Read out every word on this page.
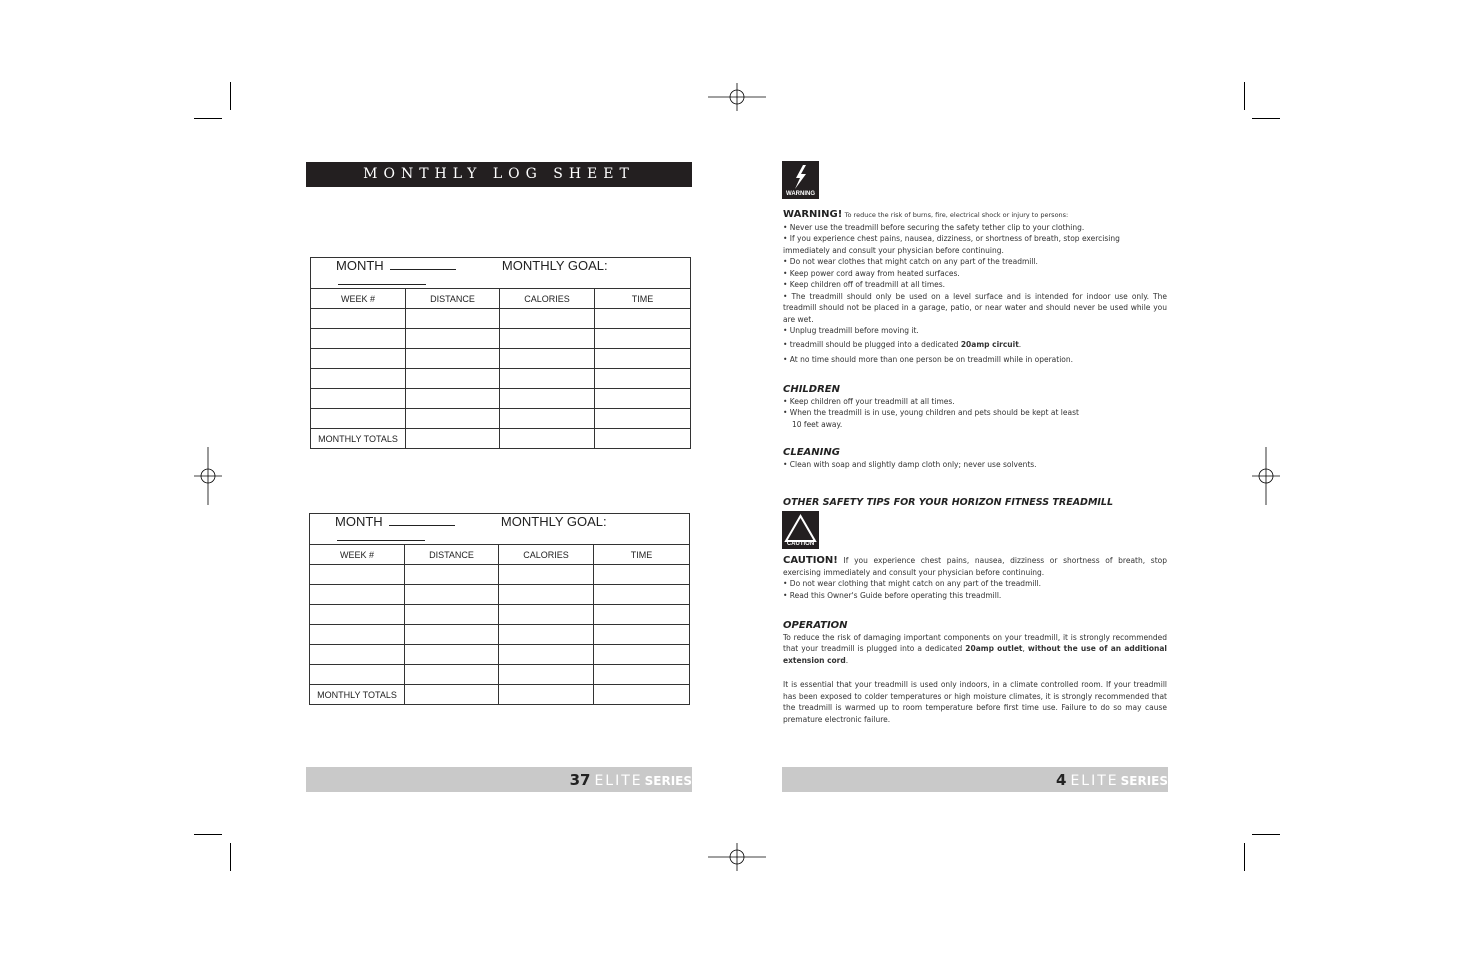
MONTHLY LOG SHEET
MONTH MONTHLY GOAL:			
WEEK #	DISTANCE	CALORIES	TIME

MONTHLY TOTALS			
MONTH MONTHLY GOAL:			
WEEK #	DISTANCE	CALORIES	TIME

MONTHLY TOTALS			
37 ELITE SERIES
WARNING

WARNING! To reduce the risk of burns, fire, electrical shock or injury to persons:

• Never use the treadmill before securing the safety tether clip to your clothing.

• If you experience chest pains, nausea, dizziness, or shortness of breath, stop exercising immediately and consult your physician before continuing.

• Do not wear clothes that might catch on any part of the treadmill.

• Keep power cord away from heated surfaces.

• Keep children off of treadmill at all times.

• The treadmill should only be used on a level surface and is intended for indoor use only. The treadmill should not be placed in a garage, patio, or near water and should never be used while you are wet.

• Unplug treadmill before moving it.

• treadmill should be plugged into a dedicated 20amp circuit.

• At no time should more than one person be on treadmill while in operation.

CHILDREN

• Keep children off your treadmill at all times.

• When the treadmill is in use, young children and pets should be kept at least

10 feet away.

CLEANING

• Clean with soap and slightly damp cloth only; never use solvents.

OTHER SAFETY TIPS FOR YOUR HORIZON FITNESS TREADMILL

CAUTION

CAUTION! If you experience chest pains, nausea, dizziness or shortness of breath, stop exercising immediately and consult your physician before continuing.

• Do not wear clothing that might catch on any part of the treadmill.

• Read this Owner's Guide before operating this treadmill.

OPERATION

To reduce the risk of damaging important components on your treadmill, it is strongly recommended that your treadmill is plugged into a dedicated 20amp outlet, without the use of an additional extension cord.

It is essential that your treadmill is used only indoors, in a climate controlled room. If your treadmill has been exposed to colder temperatures or high moisture climates, it is strongly recommended that the treadmill is warmed up to room temperature before first time use. Failure to do so may cause premature electronic failure.

4 ELITE SERIES
